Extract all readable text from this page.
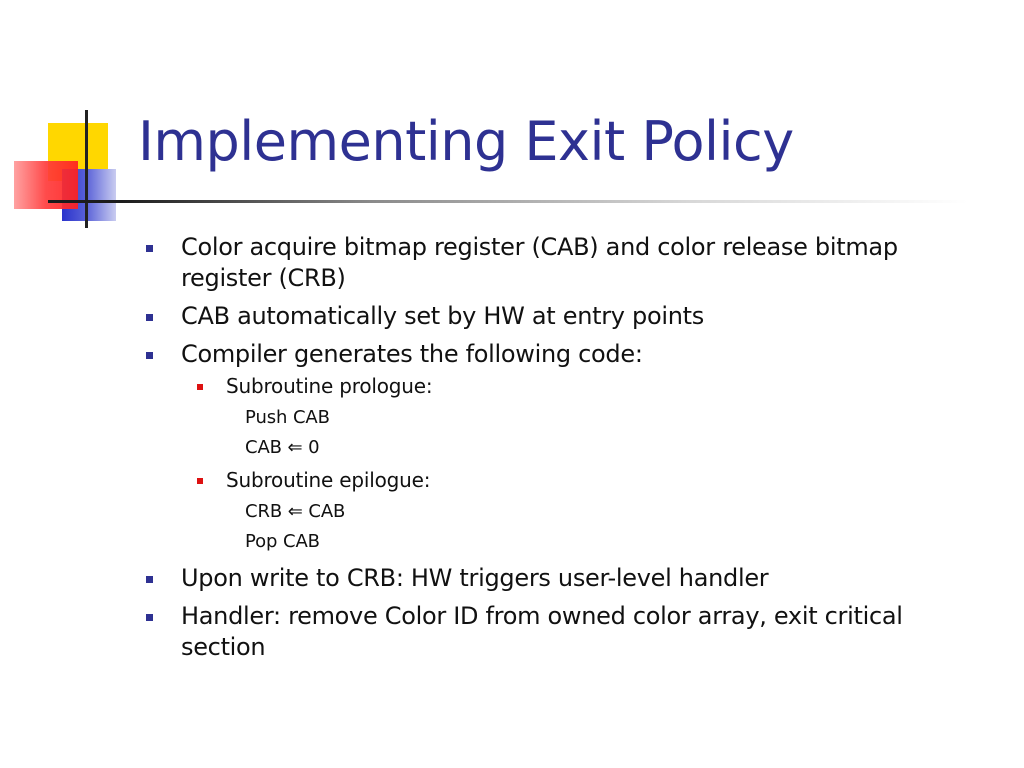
Implementing Exit Policy
Color acquire bitmap register (CAB) and color release bitmap register (CRB)
CAB automatically set by HW at entry points
Compiler generates the following code:
Subroutine prologue:
Push CAB
CAB ⇐ 0
Subroutine epilogue:
CRB ⇐ CAB
Pop CAB
Upon write to CRB: HW triggers user-level handler
Handler: remove Color ID from owned color array, exit critical section
